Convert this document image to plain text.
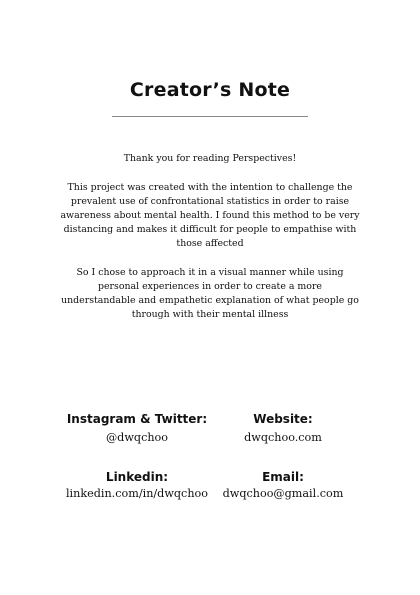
Creator’s Note
Thank you for reading Perspectives!
This project was created with the intention to challenge the prevalent use of confrontational statistics in order to raise awareness about mental health. I found this method to be very distancing and makes it difficult for people to empathise with those affected
So I chose to approach it in a visual manner while using personal experiences in order to create a more understandable and empathetic explanation of what people go through with their mental illness
Instagram & Twitter:
@dwqchoo
Website:
dwqchoo.com
Linkedin:
linkedin.com/in/dwqchoo
Email:
dwqchoo@gmail.com
